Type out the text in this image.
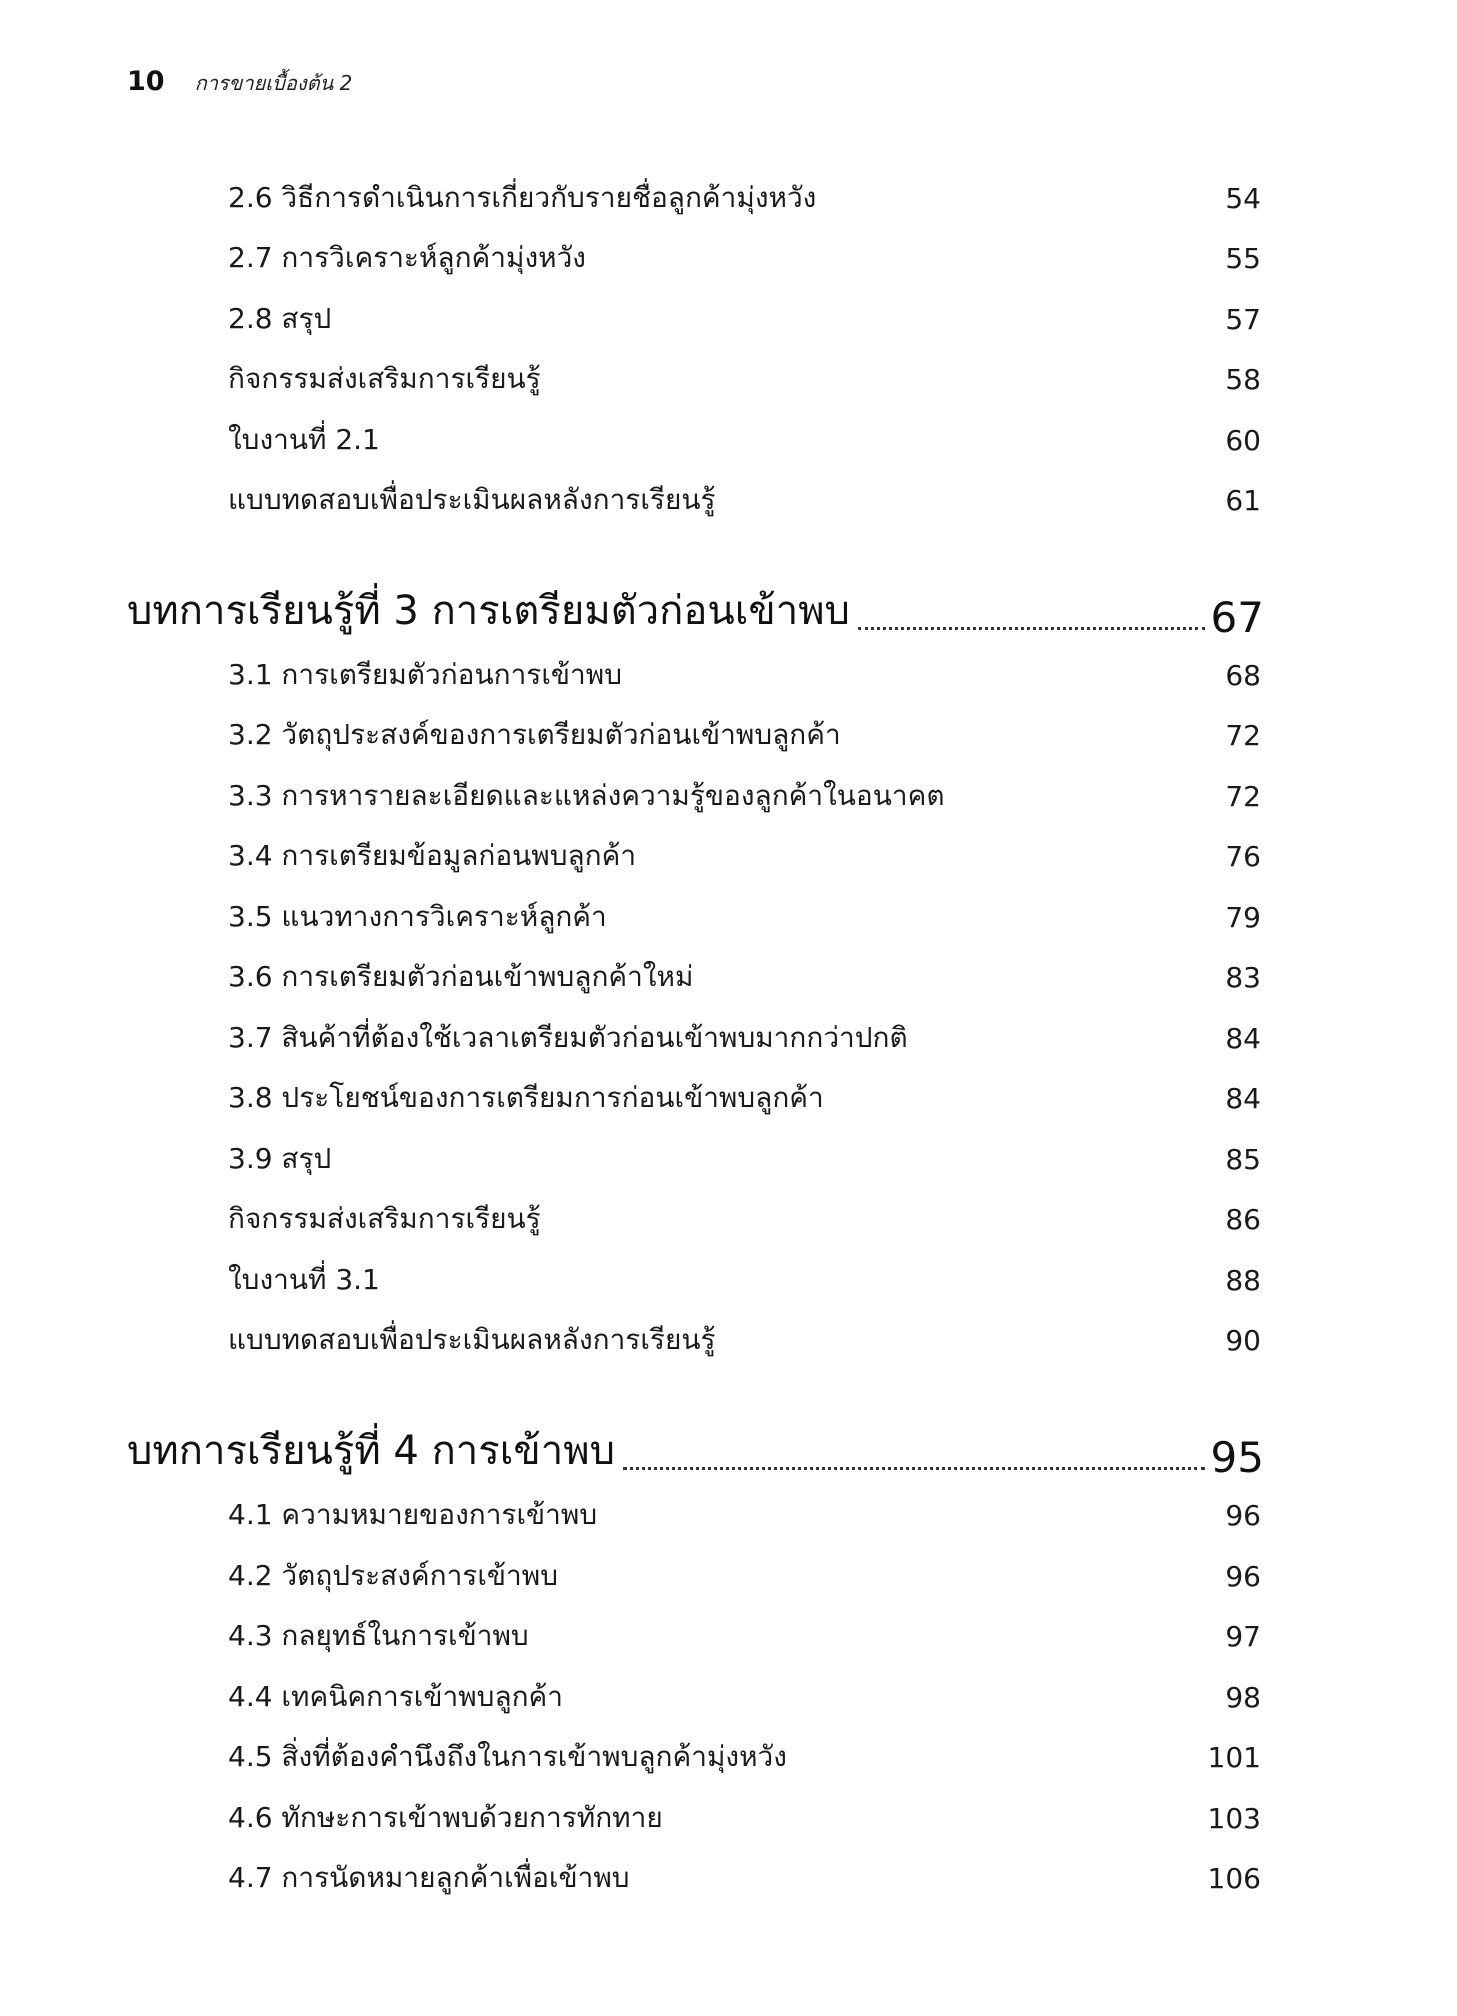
10 การขายเบื้องต้น 2
2.6 วิธีการดำเนินการเกี่ยวกับรายชื่อลูกค้ามุ่งหวัง	54
2.7 การวิเคราะห์ลูกค้ามุ่งหวัง	55
2.8 สรุป	57
กิจกรรมส่งเสริมการเรียนรู้	58
ใบงานที่ 2.1	60
แบบทดสอบเพื่อประเมินผลหลังการเรียนรู้	61
บทการเรียนรู้ที่ 3 การเตรียมตัวก่อนเข้าพบ	67
3.1 การเตรียมตัวก่อนการเข้าพบ	68
3.2 วัตถุประสงค์ของการเตรียมตัวก่อนเข้าพบลูกค้า	72
3.3 การหารายละเอียดและแหล่งความรู้ของลูกค้าในอนาคต	72
3.4 การเตรียมข้อมูลก่อนพบลูกค้า	76
3.5 แนวทางการวิเคราะห์ลูกค้า	79
3.6 การเตรียมตัวก่อนเข้าพบลูกค้าใหม่	83
3.7 สินค้าที่ต้องใช้เวลาเตรียมตัวก่อนเข้าพบมากกว่าปกติ	84
3.8 ประโยชน์ของการเตรียมการก่อนเข้าพบลูกค้า	84
3.9 สรุป	85
กิจกรรมส่งเสริมการเรียนรู้	86
ใบงานที่ 3.1	88
แบบทดสอบเพื่อประเมินผลหลังการเรียนรู้	90
บทการเรียนรู้ที่ 4 การเข้าพบ	95
4.1 ความหมายของการเข้าพบ	96
4.2 วัตถุประสงค์การเข้าพบ	96
4.3 กลยุทธ์ในการเข้าพบ	97
4.4 เทคนิคการเข้าพบลูกค้า	98
4.5 สิ่งที่ต้องคำนึงถึงในการเข้าพบลูกค้ามุ่งหวัง	101
4.6 ทักษะการเข้าพบด้วยการทักทาย	103
4.7 การนัดหมายลูกค้าเพื่อเข้าพบ	106
